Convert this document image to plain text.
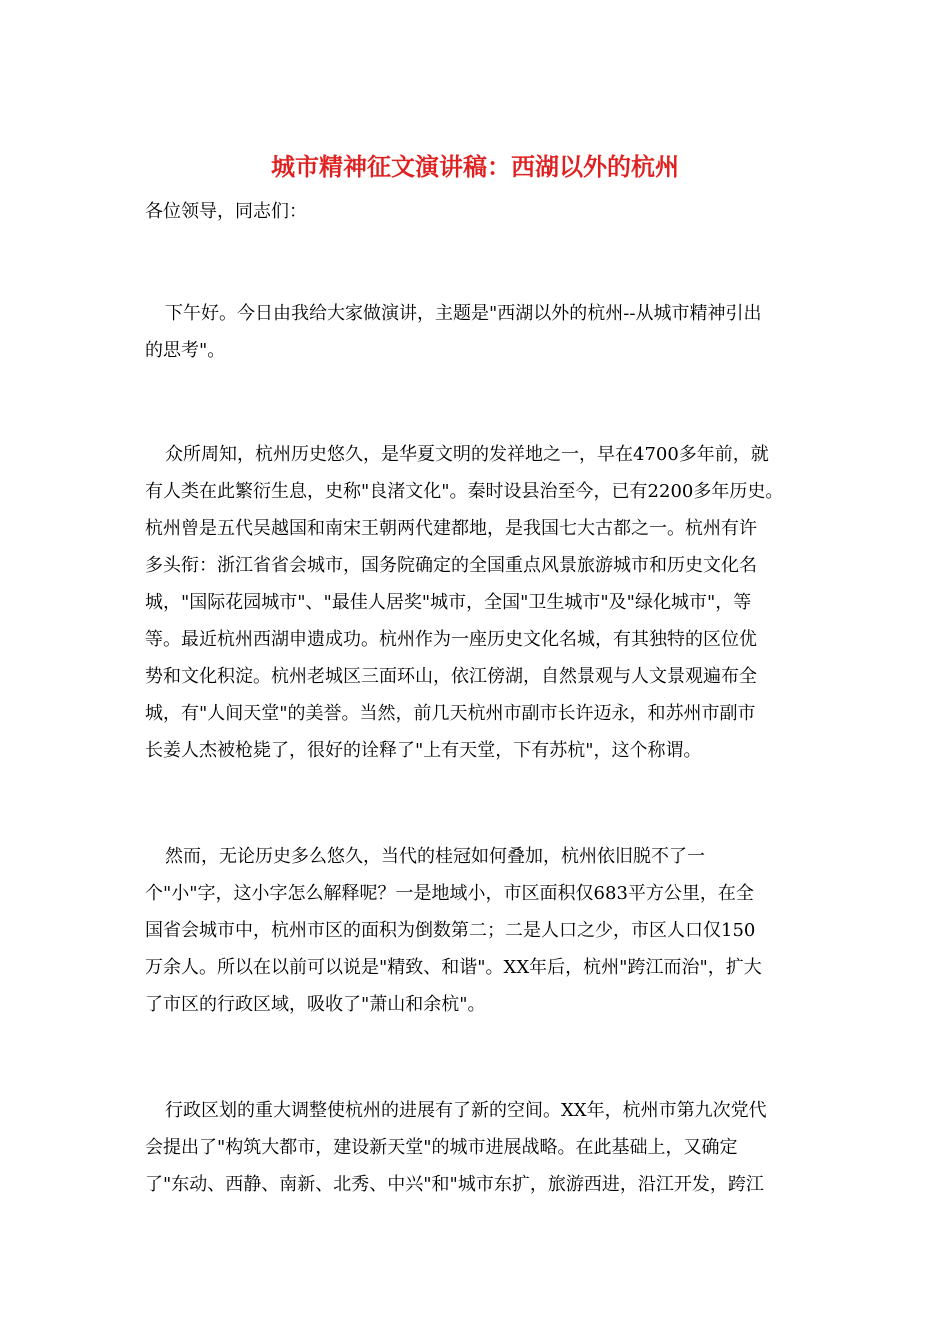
城市精神征文演讲稿：西湖以外的杭州

各位领导，同志们：

下午好。今日由我给大家做演讲，主题是"西湖以外的杭州--从城市精神引出
的思考"。
众所周知，杭州历史悠久，是华夏文明的发祥地之一，早在4700多年前，就
有人类在此繁衍生息，史称"良渚文化"。秦时设县治至今，已有2200多年历史。
杭州曾是五代吴越国和南宋王朝两代建都地，是我国七大古都之一。杭州有许
多头衔：浙江省省会城市，国务院确定的全国重点风景旅游城市和历史文化名
城，"国际花园城市"、"最佳人居奖"城市，全国"卫生城市"及"绿化城市"，等
等。最近杭州西湖申遗成功。杭州作为一座历史文化名城，有其独特的区位优
势和文化积淀。杭州老城区三面环山，依江傍湖，自然景观与人文景观遍布全
城，有"人间天堂"的美誉。当然，前几天杭州市副市长许迈永，和苏州市副市
长姜人杰被枪毙了，很好的诠释了"上有天堂，下有苏杭"，这个称谓。
然而，无论历史多么悠久，当代的桂冠如何叠加，杭州依旧脱不了一
个"小"字，这小字怎么解释呢？一是地域小，市区面积仅683平方公里，在全
国省会城市中，杭州市区的面积为倒数第二；二是人口之少，市区人口仅150
万余人。所以在以前可以说是"精致、和谐"。XX年后，杭州"跨江而治"，扩大
了市区的行政区域，吸收了"萧山和余杭"。
行政区划的重大调整使杭州的进展有了新的空间。XX年，杭州市第九次党代
会提出了"构筑大都市，建设新天堂"的城市进展战略。在此基础上，又确定
了"东动、西静、南新、北秀、中兴"和"城市东扩，旅游西进，沿江开发，跨江
